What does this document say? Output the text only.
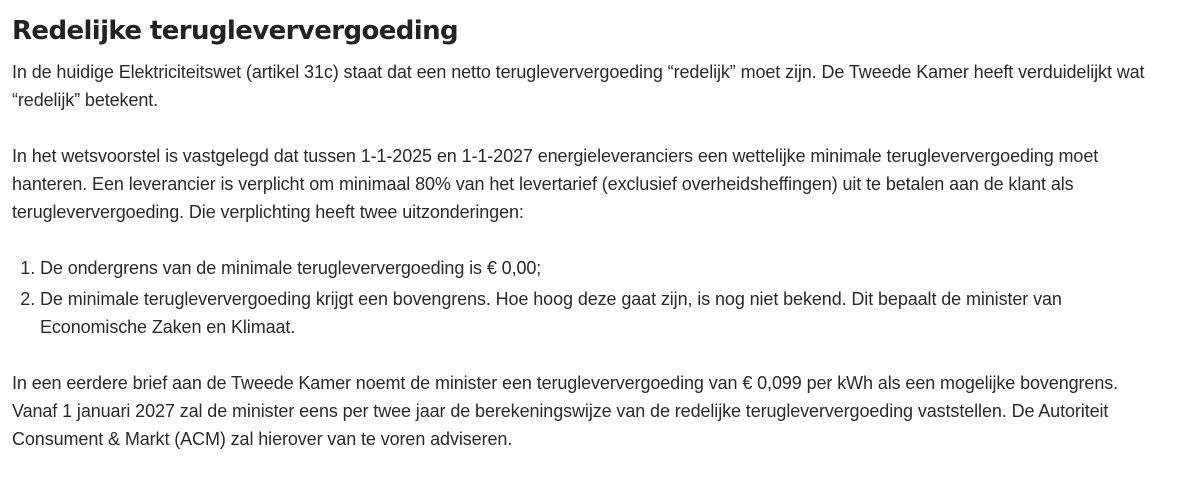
Redelijke terugleververgoeding

In de huidige Elektriciteitswet (artikel 31c) staat dat een netto terugleververgoeding “redelijk” moet zijn. De Tweede Kamer heeft verduidelijkt wat “redelijk” betekent.

In het wetsvoorstel is vastgelegd dat tussen 1-1-2025 en 1-1-2027 energieleveranciers een wettelijke minimale terugleververgoeding moet hanteren. Een leverancier is verplicht om minimaal 80% van het levertarief (exclusief overheidsheffingen) uit te betalen aan de klant als terugleververgoeding. Die verplichting heeft twee uitzonderingen:

1. De ondergrens van de minimale terugleververgoeding is € 0,00;
2. De minimale terugleververgoeding krijgt een bovengrens. Hoe hoog deze gaat zijn, is nog niet bekend. Dit bepaalt de minister van Economische Zaken en Klimaat.

In een eerdere brief aan de Tweede Kamer noemt de minister een terugleververgoeding van € 0,099 per kWh als een mogelijke bovengrens. Vanaf 1 januari 2027 zal de minister eens per twee jaar de berekeningswijze van de redelijke terugleververgoeding vaststellen. De Autoriteit Consument & Markt (ACM) zal hierover van te voren adviseren.
